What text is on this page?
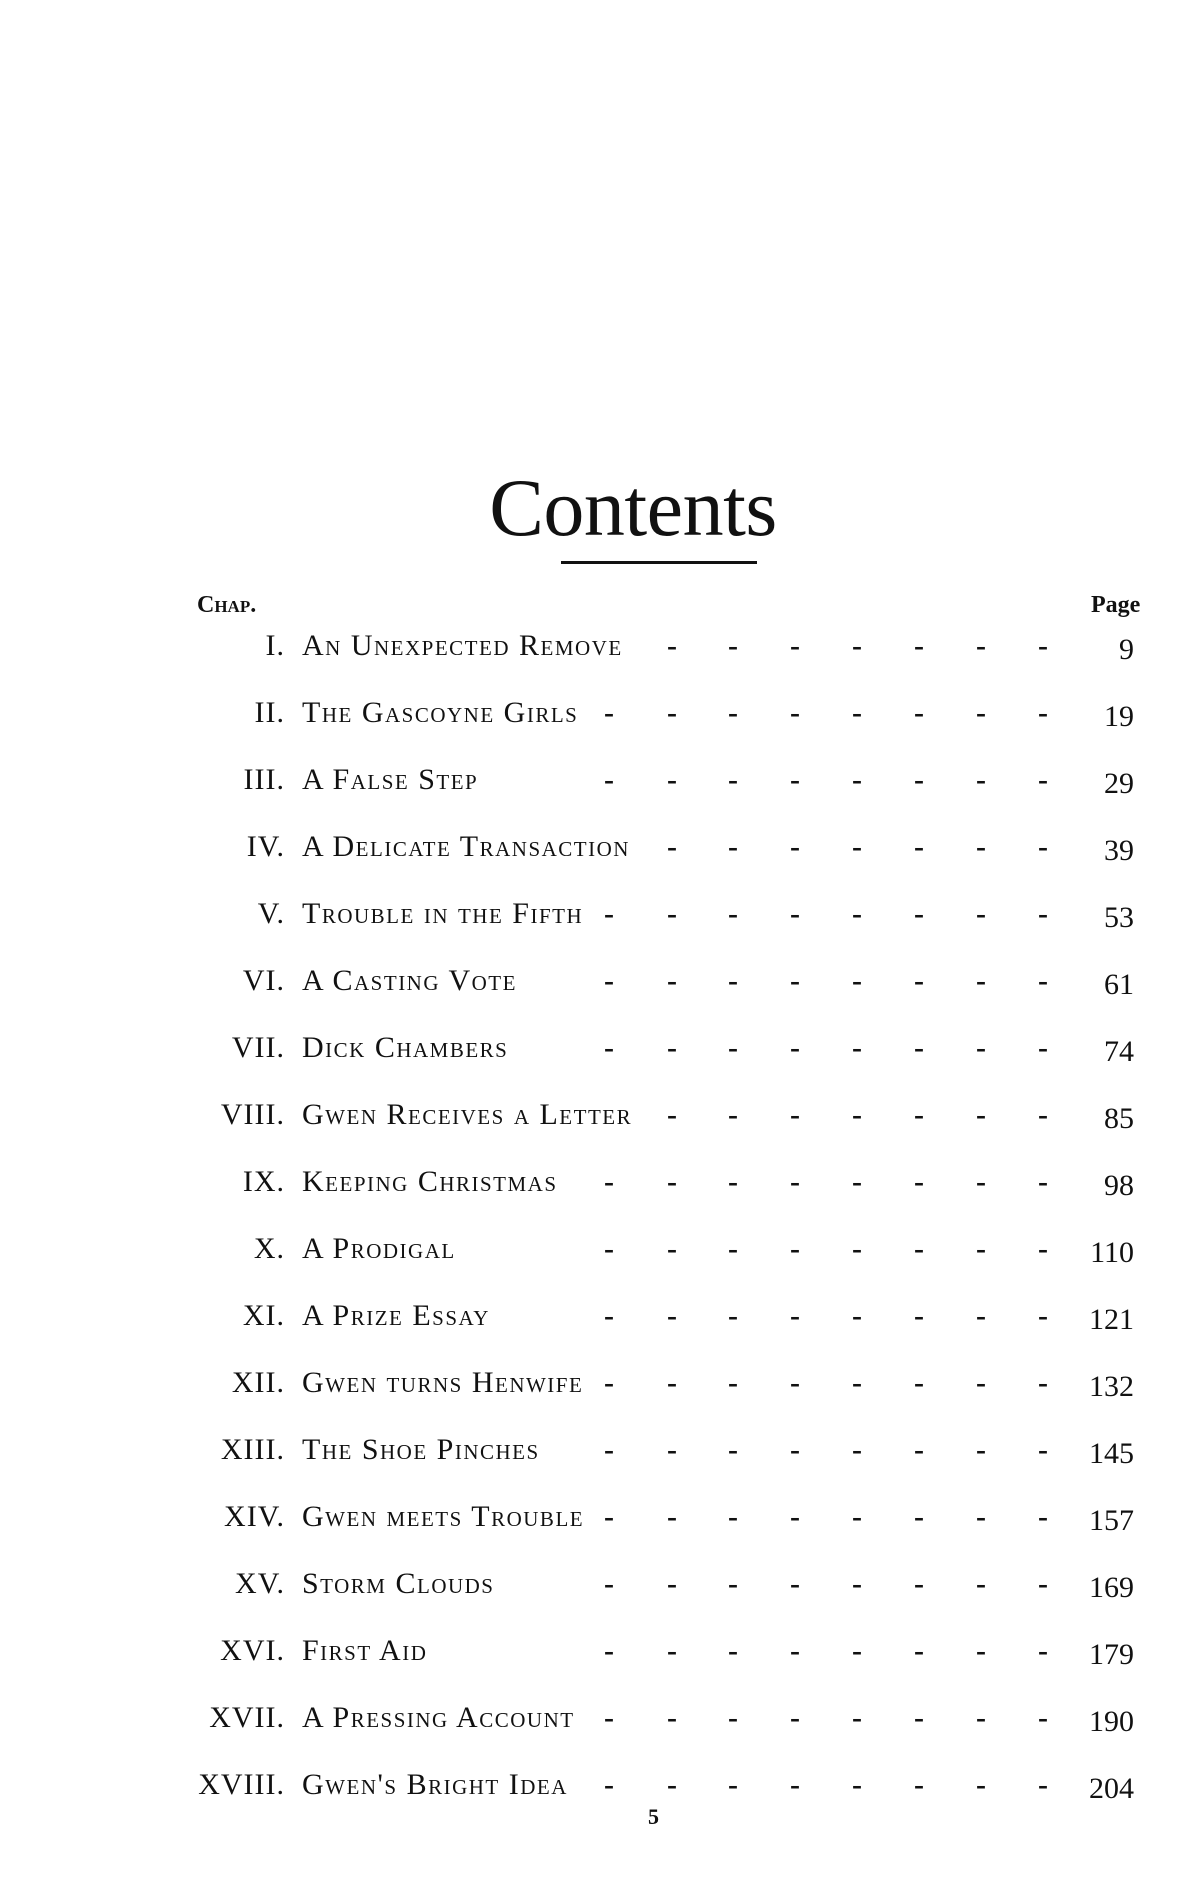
Contents
Chap.	Page
I. An Unexpected Remove - - - - - - -	9
II. The Gascoyne Girls - - - - - - - -	19
III. A False Step	- - - - - - - -	29
IV. A Delicate Transaction - - - - - - -	39
V. Trouble in the Fifth - - - - - - - -	53
VI. A Casting Vote	- - - - - - - -	61
VII. Dick Chambers	- - - - - - - -	74
VIII. Gwen Receives a Letter - - - - - - -	85
IX. Keeping Christmas - - - - - - - -	98
X. A Prodigal	- - - - - - - -	110
XI. A Prize Essay	- - - - - - - -	121
XII. Gwen turns Henwife - - - - - - - -	132
XIII. The Shoe Pinches - - - - - - - -	145
XIV. Gwen meets Trouble - - - - - - - -	157
XV. Storm Clouds	- - - - - - - -	169
XVI. First Aid	- - - - - - - -	179
XVII. A Pressing Account - - - - - - - -	190
XVIII. Gwen's Bright Idea - - - - - - - -	204
5
